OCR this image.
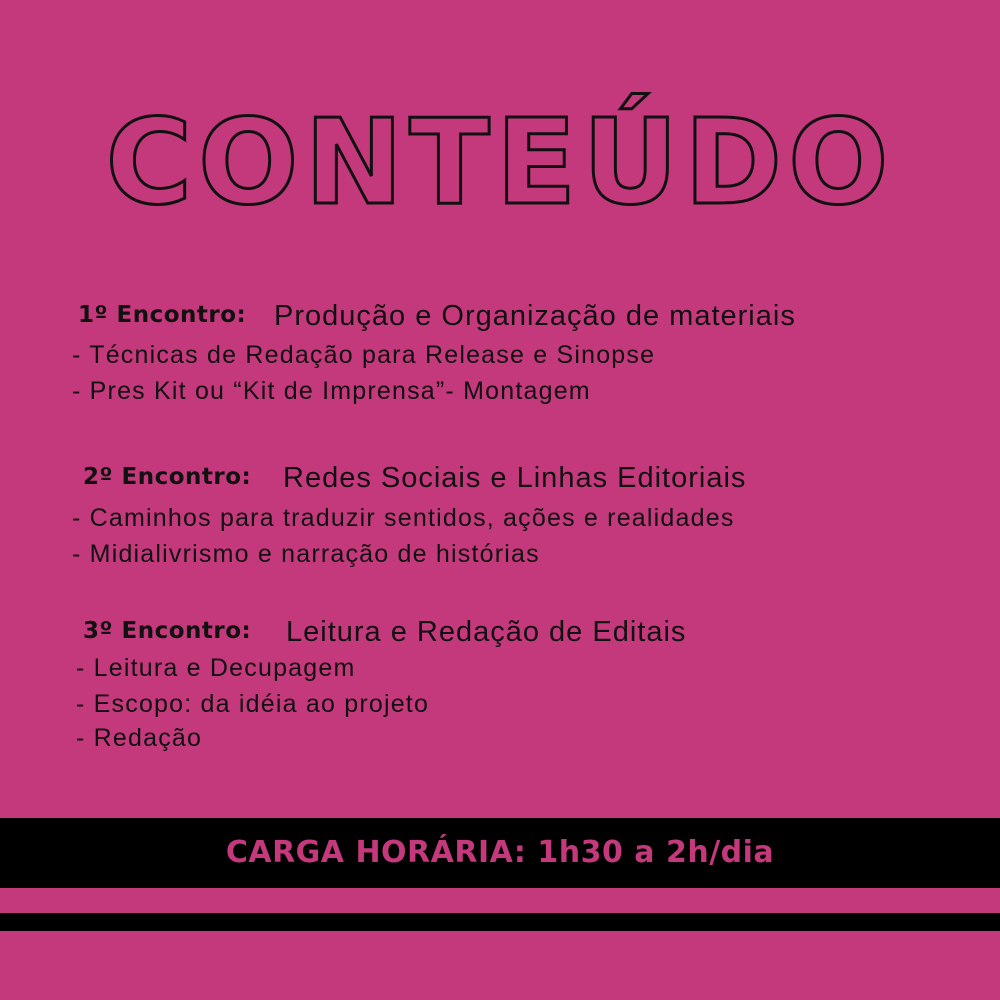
CONTEÚDO
1º Encontro: Produção e Organização de materiais
- Técnicas de Redação para Release e Sinopse
- Pres Kit ou “Kit de Imprensa”- Montagem
2º Encontro: Redes Sociais e Linhas Editoriais
- Caminhos para traduzir sentidos, ações e realidades
- Midialivrismo e narração de histórias
3º Encontro: Leitura e Redação de Editais
- Leitura e Decupagem
- Escopo: da idéia ao projeto
- Redação
CARGA HORÁRIA: 1h30 a 2h/dia
